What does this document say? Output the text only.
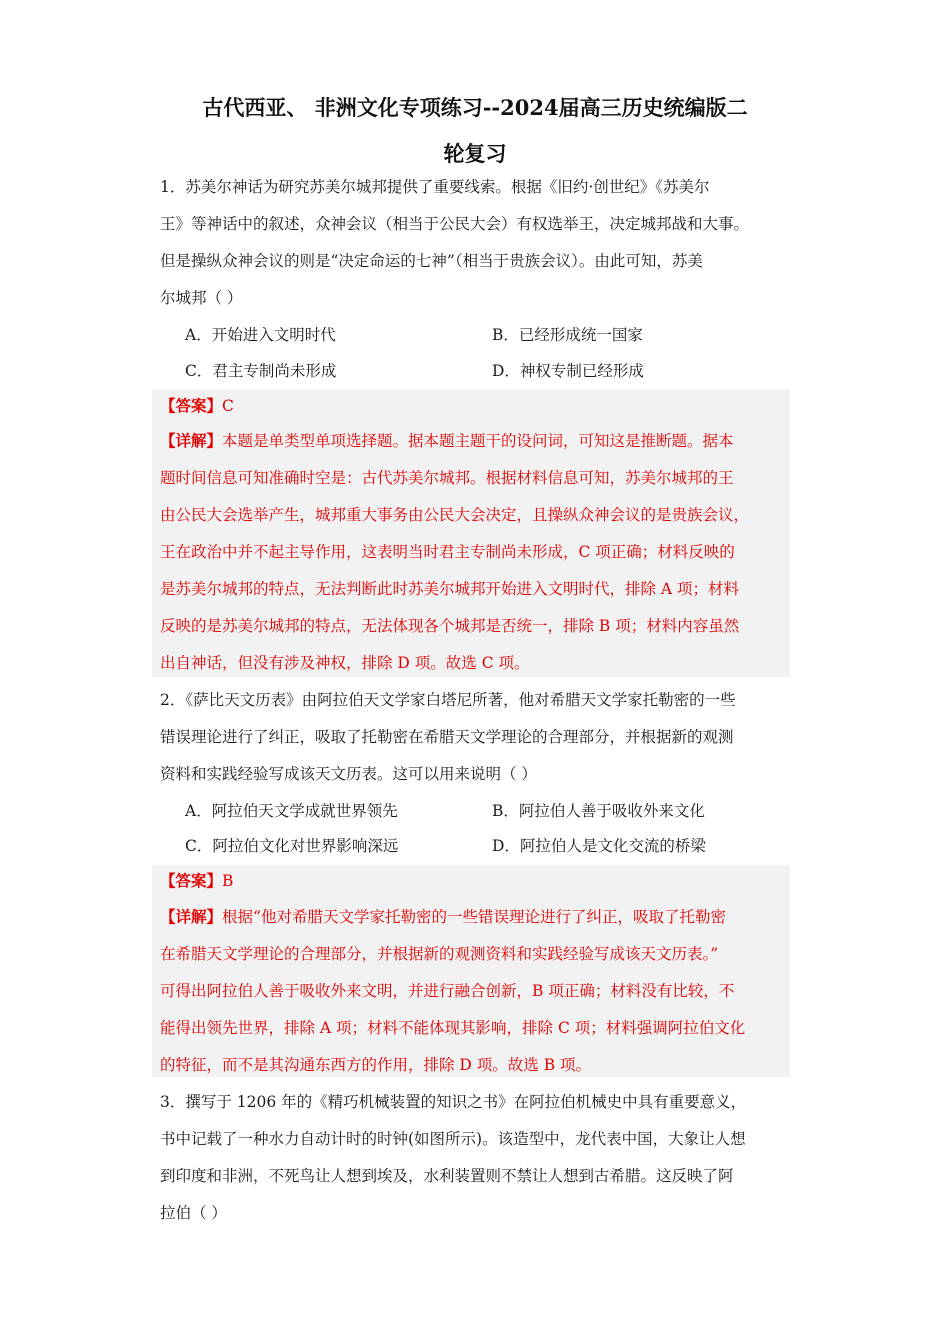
古代西亚、 非洲文化专项练习--2024届高三历史统编版二
轮复习
1．苏美尔神话为研究苏美尔城邦提供了重要线索。根据《旧约·创世纪》《苏美尔
王》等神话中的叙述，众神会议（相当于公民大会）有权选举王，决定城邦战和大事。
但是操纵众神会议的则是“决定命运的七神”（相当于贵族会议）。由此可知，苏美
尔城邦（ ）
A．开始进入文明时代	B．已经形成统一国家
C．君主专制尚未形成	D．神权专制已经形成
【答案】C
【详解】本题是单类型单项选择题。据本题主题干的设问词，可知这是推断题。据本
题时间信息可知准确时空是：古代苏美尔城邦。根据材料信息可知，苏美尔城邦的王
由公民大会选举产生，城邦重大事务由公民大会决定，且操纵众神会议的是贵族会议，
王在政治中并不起主导作用，这表明当时君主专制尚未形成，C 项正确；材料反映的
是苏美尔城邦的特点，无法判断此时苏美尔城邦开始进入文明时代，排除 A 项；材料
反映的是苏美尔城邦的特点，无法体现各个城邦是否统一，排除 B 项；材料内容虽然
出自神话，但没有涉及神权，排除 D 项。故选 C 项。
2．《萨比天文历表》由阿拉伯天文学家白塔尼所著，他对希腊天文学家托勒密的一些
错误理论进行了纠正，吸取了托勒密在希腊天文学理论的合理部分，并根据新的观测
资料和实践经验写成该天文历表。这可以用来说明（ ）
A．阿拉伯天文学成就世界领先	B．阿拉伯人善于吸收外来文化
C．阿拉伯文化对世界影响深远	D．阿拉伯人是文化交流的桥梁
【答案】B
【详解】根据“他对希腊天文学家托勒密的一些错误理论进行了纠正，吸取了托勒密
在希腊天文学理论的合理部分，并根据新的观测资料和实践经验写成该天文历表。”
可得出阿拉伯人善于吸收外来文明，并进行融合创新，B 项正确；材料没有比较，不
能得出领先世界，排除 A 项；材料不能体现其影响，排除 C 项；材料强调阿拉伯文化
的特征，而不是其沟通东西方的作用，排除 D 项。故选 B 项。
3．撰写于 1206 年的《精巧机械装置的知识之书》在阿拉伯机械史中具有重要意义，
书中记载了一种水力自动计时的时钟(如图所示)。该造型中，龙代表中国，大象让人想
到印度和非洲，不死鸟让人想到埃及，水利装置则不禁让人想到古希腊。这反映了阿
拉伯（ ）
